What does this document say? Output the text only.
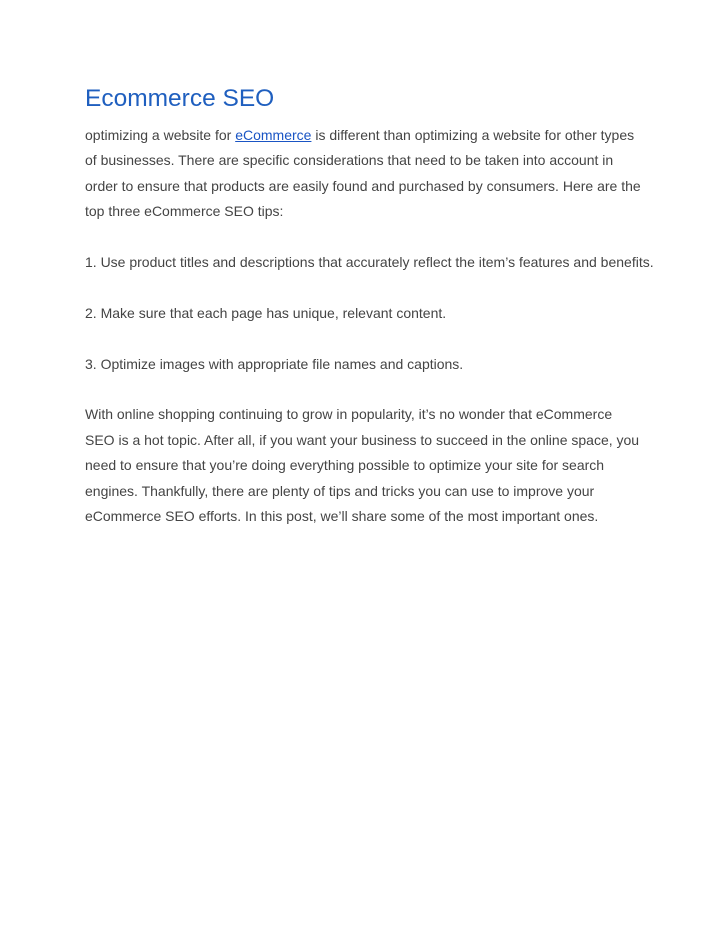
Ecommerce SEO

optimizing a website for eCommerce is different than optimizing a website for other types of businesses. There are specific considerations that need to be taken into account in order to ensure that products are easily found and purchased by consumers. Here are the top three eCommerce SEO tips:

1. Use product titles and descriptions that accurately reflect the item’s features and benefits.

2. Make sure that each page has unique, relevant content.

3. Optimize images with appropriate file names and captions.

With online shopping continuing to grow in popularity, it’s no wonder that eCommerce SEO is a hot topic. After all, if you want your business to succeed in the online space, you need to ensure that you’re doing everything possible to optimize your site for search engines. Thankfully, there are plenty of tips and tricks you can use to improve your eCommerce SEO efforts. In this post, we’ll share some of the most important ones.
